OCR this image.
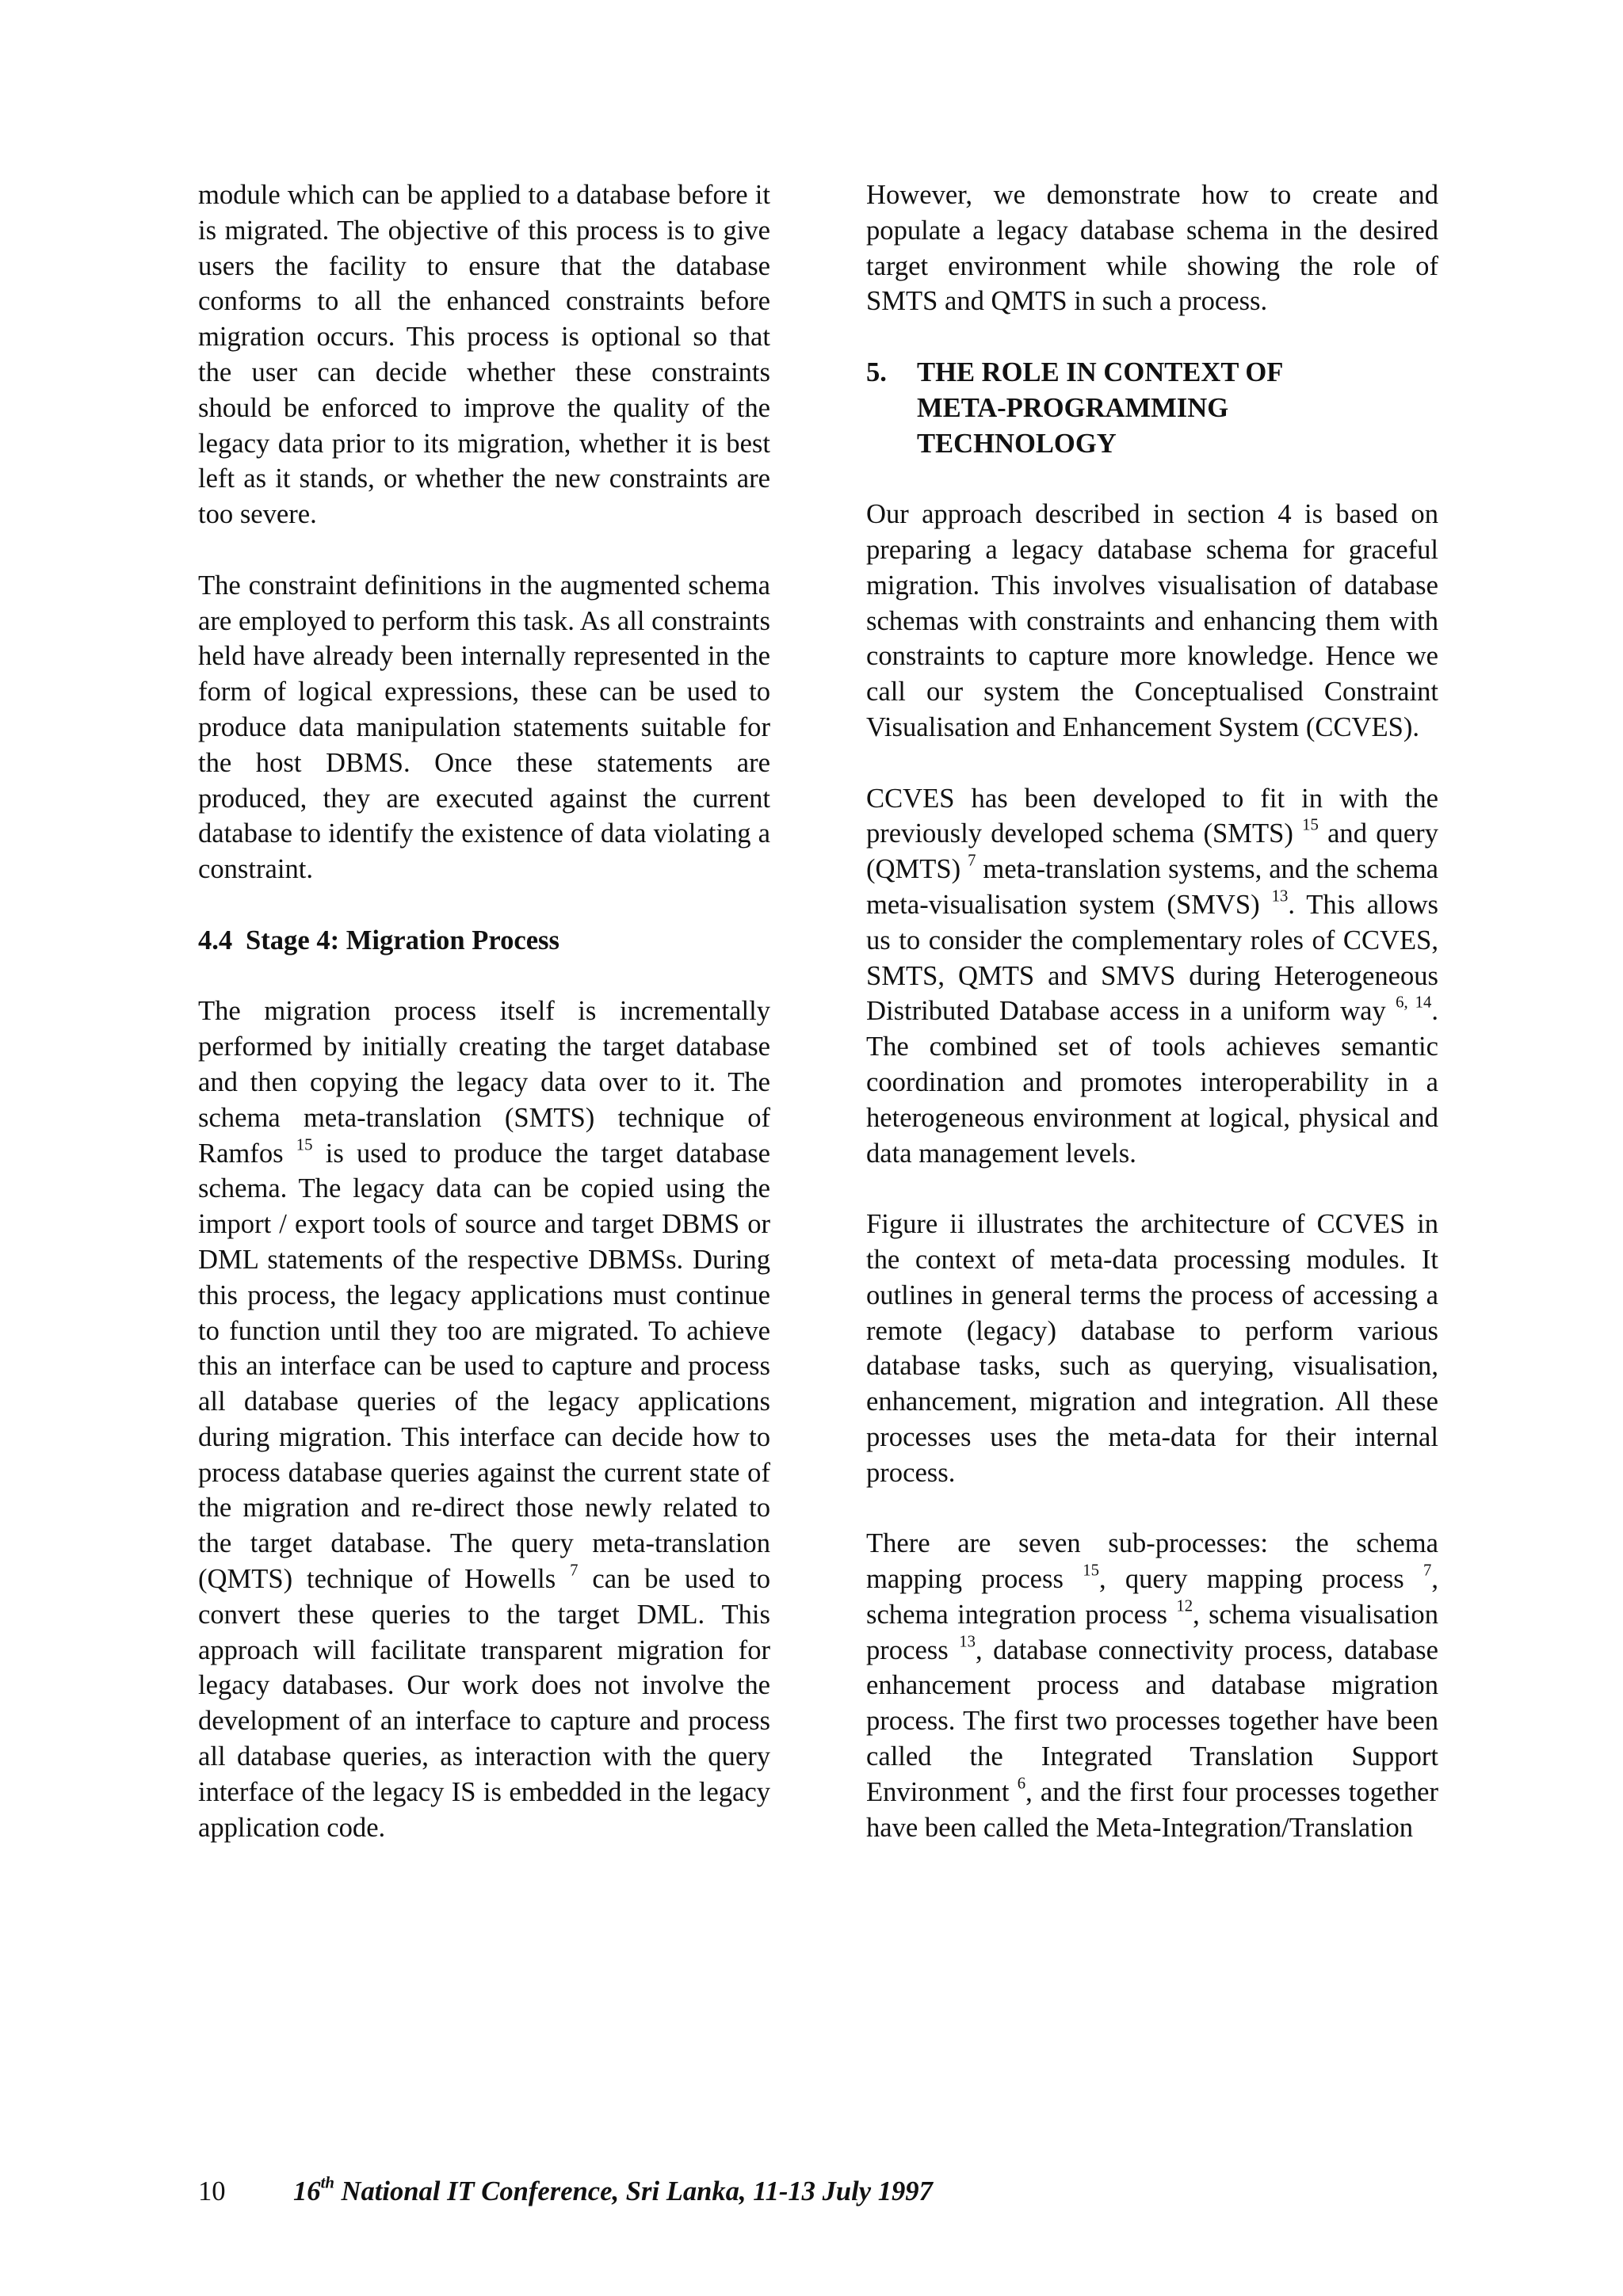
module which can be applied to a database before it is migrated. The objective of this process is to give users the facility to ensure that the database conforms to all the enhanced constraints before migration occurs. This process is optional so that the user can decide whether these constraints should be enforced to improve the quality of the legacy data prior to its migration, whether it is best left as it stands, or whether the new constraints are too severe.

The constraint definitions in the augmented schema are employed to perform this task. As all constraints held have already been internally represented in the form of logical expressions, these can be used to produce data manipulation statements suitable for the host DBMS. Once these statements are produced, they are executed against the current database to identify the existence of data violating a constraint.

4.4 Stage 4: Migration Process

The migration process itself is incrementally performed by initially creating the target database and then copying the legacy data over to it. The schema meta-translation (SMTS) technique of Ramfos $^{15}$ is used to produce the target database schema. The legacy data can be copied using the import / export tools of source and target DBMS or DML statements of the respective DBMSs. During this process, the legacy applications must continue to function until they too are migrated. To achieve this an interface can be used to capture and process all database queries of the legacy applications during migration. This interface can decide how to process database queries against the current state of the migration and re-direct those newly related to the target database. The query meta-translation (QMTS) technique of Howells $^7$ can be used to convert these queries to the target DML. This approach will facilitate transparent migration for legacy databases. Our work does not involve the development of an interface to capture and process all database queries, as interaction with the query interface of the legacy IS is embedded in the legacy application code.

However, we demonstrate how to create and populate a legacy database schema in the desired target environment while showing the role of SMTS and QMTS in such a process.

5.	THE ROLE IN CONTEXT OF
META-PROGRAMMING
TECHNOLOGY

Our approach described in section 4 is based on preparing a legacy database schema for graceful migration. This involves visualisation of database schemas with constraints and enhancing them with constraints to capture more knowledge. Hence we call our system the Conceptualised Constraint Visualisation and Enhancement System (CCVES).

CCVES has been developed to fit in with the previously developed schema (SMTS) $^{15}$ and query (QMTS) $^7$ meta-translation systems, and the schema meta-visualisation system (SMVS) $^{13}$. This allows us to consider the complementary roles of CCVES, SMTS, QMTS and SMVS during Heterogeneous Distributed Database access in a uniform way $^{6, 14}$. The combined set of tools achieves semantic coordination and promotes interoperability in a heterogeneous environment at logical, physical and data management levels.

Figure ii illustrates the architecture of CCVES in the context of meta-data processing modules. It outlines in general terms the process of accessing a remote (legacy) database to perform various database tasks, such as querying, visualisation, enhancement, migration and integration. All these processes uses the meta-data for their internal process.

There are seven sub-processes: the schema mapping process $^{15}$, query mapping process $^7$, schema integration process $^{12}$, schema visualisation process $^{13}$, database connectivity process, database enhancement process and database migration process. The first two processes together have been called the Integrated Translation Support Environment $^6$, and the first four processes together have been called the Meta-Integration/Translation

10 16th National IT Conference, Sri Lanka, 11-13 July 1997
